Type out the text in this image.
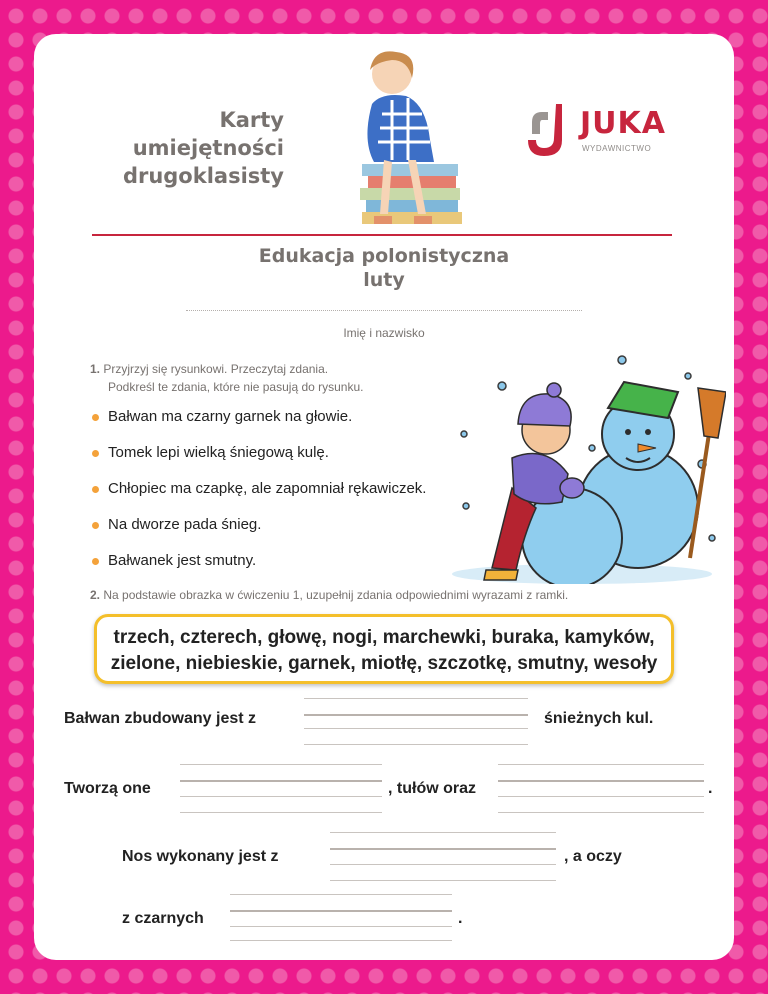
Karty
umiejętności
drugoklasisty
JUKA
WYDAWNICTWO
Edukacja polonistyczna
luty
Imię i nazwisko
1. Przyjrzyj się rysunkowi. Przeczytaj zdania.
Podkreśl te zdania, które nie pasują do rysunku.
Bałwan ma czarny garnek na głowie.
Tomek lepi wielką śniegową kulę.
Chłopiec ma czapkę, ale zapomniał rękawiczek.
Na dworze pada śnieg.
Bałwanek jest smutny.
2. Na podstawie obrazka w ćwiczeniu 1, uzupełnij zdania odpowiednimi wyrazami z ramki.
trzech, czterech, głowę, nogi, marchewki, buraka, kamyków,
zielone, niebieskie, garnek, miotłę, szczotkę, smutny, wesoły
Bałwan zbudowany jest z	śnieżnych kul.
Tworzą one	, tułów oraz	.
Nos wykonany jest z	, a oczy
z czarnych	.
